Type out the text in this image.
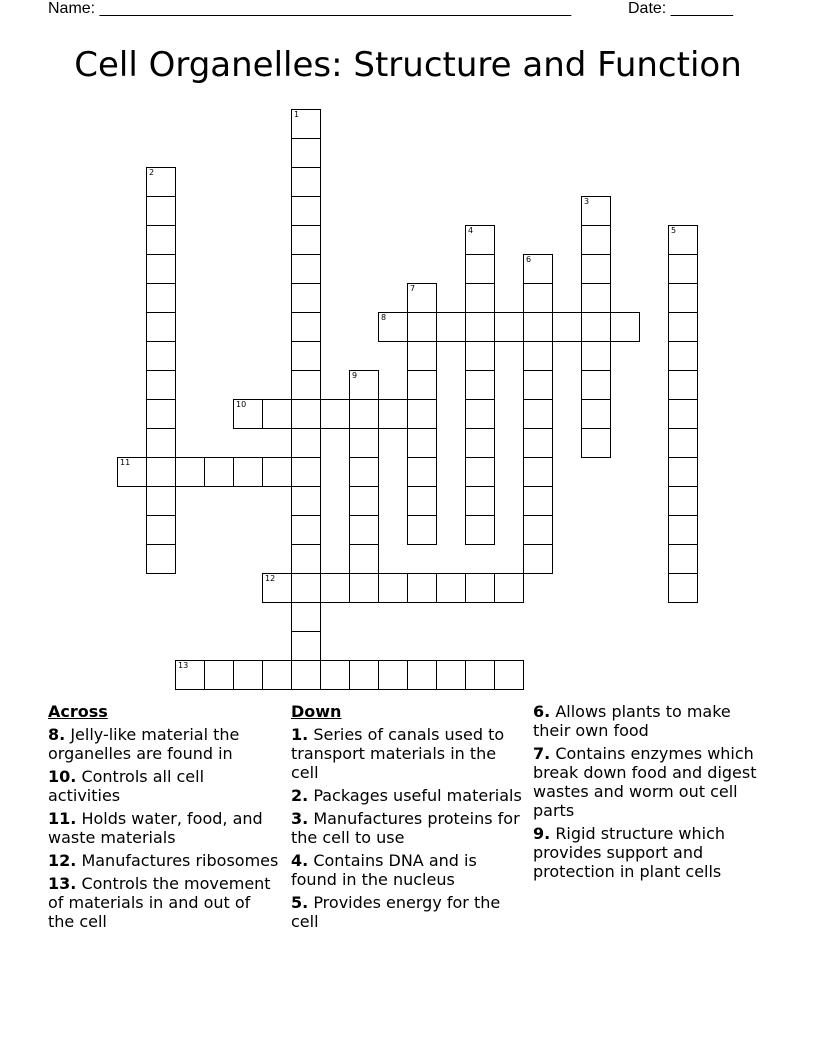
Name: _____________________________________________________	Date: _______
Cell Organelles: Structure and Function
1
2
3
4	5
6
7
8
9
10
11
12
13
Across
8. Jelly-like material the organelles are found in
10. Controls all cell activities
11. Holds water, food, and waste materials
12. Manufactures ribosomes
13. Controls the movement of materials in and out of the cell
Down
1. Series of canals used to transport materials in the cell
2. Packages useful materials
3. Manufactures proteins for the cell to use
4. Contains DNA and is found in the nucleus
5. Provides energy for the cell
6. Allows plants to make their own food
7. Contains enzymes which break down food and digest wastes and worm out cell parts
9. Rigid structure which provides support and protection in plant cells
